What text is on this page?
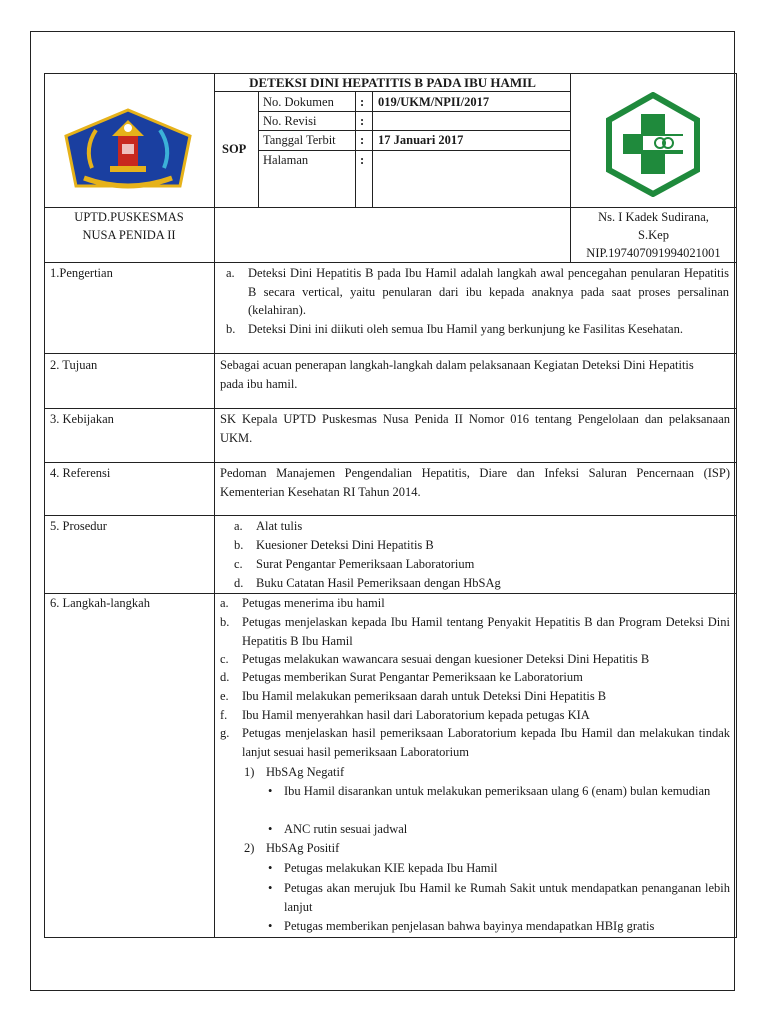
DETEKSI DINI HEPATITIS B PADA IBU HAMIL
SOP
No. Dokumen : 019/UKM/NPII/2017
No. Revisi	:
Tanggal Terbit : 17 Januari 2017
Halaman	:
UPTD.PUSKESMAS
NUSA PENIDA II
Ns. I Kadek Sudirana,
S.Kep
NIP.197407091994021001
1.Pengertian	a. Deteksi Dini Hepatitis B pada Ibu Hamil adalah langkah awal pencegahan penularan Hepatitis B secara vertical, yaitu penularan dari ibu kepada anaknya pada saat proses persalinan (kelahiran).
b. Deteksi Dini ini diikuti oleh semua Ibu Hamil yang berkunjung ke Fasilitas Kesehatan.
2. Tujuan	Sebagai acuan penerapan langkah-langkah dalam pelaksanaan Kegiatan Deteksi Dini Hepatitis pada ibu hamil.
3. Kebijakan	SK Kepala UPTD Puskesmas Nusa Penida II Nomor 016 tentang Pengelolaan dan pelaksanaan UKM.
4. Referensi	Pedoman Manajemen Pengendalian Hepatitis, Diare dan Infeksi Saluran Pencernaan (ISP) Kementerian Kesehatan RI Tahun 2014.
5. Prosedur	a. Alat tulis
b. Kuesioner Deteksi Dini Hepatitis B
c. Surat Pengantar Pemeriksaan Laboratorium
d. Buku Catatan Hasil Pemeriksaan dengan HbSAg
6. Langkah-langkah	a. Petugas menerima ibu hamil
b. Petugas menjelaskan kepada Ibu Hamil tentang Penyakit Hepatitis B dan Program Deteksi Dini Hepatitis B Ibu Hamil
c. Petugas melakukan wawancara sesuai dengan kuesioner Deteksi Dini Hepatitis B
d. Petugas memberikan Surat Pengantar Pemeriksaan ke Laboratorium
e. Ibu Hamil melakukan pemeriksaan darah untuk Deteksi Dini Hepatitis B
f. Ibu Hamil menyerahkan hasil dari Laboratorium kepada petugas KIA
g. Petugas menjelaskan hasil pemeriksaan Laboratorium kepada Ibu Hamil dan melakukan tindak lanjut sesuai hasil pemeriksaan Laboratorium
1) HbSAg Negatif
• Ibu Hamil disarankan untuk melakukan pemeriksaan ulang 6 (enam) bulan kemudian
• ANC rutin sesuai jadwal
2) HbSAg Positif
• Petugas melakukan KIE kepada Ibu Hamil
• Petugas akan merujuk Ibu Hamil ke Rumah Sakit untuk mendapatkan penanganan lebih lanjut
• Petugas memberikan penjelasan bahwa bayinya mendapatkan HBIg gratis
